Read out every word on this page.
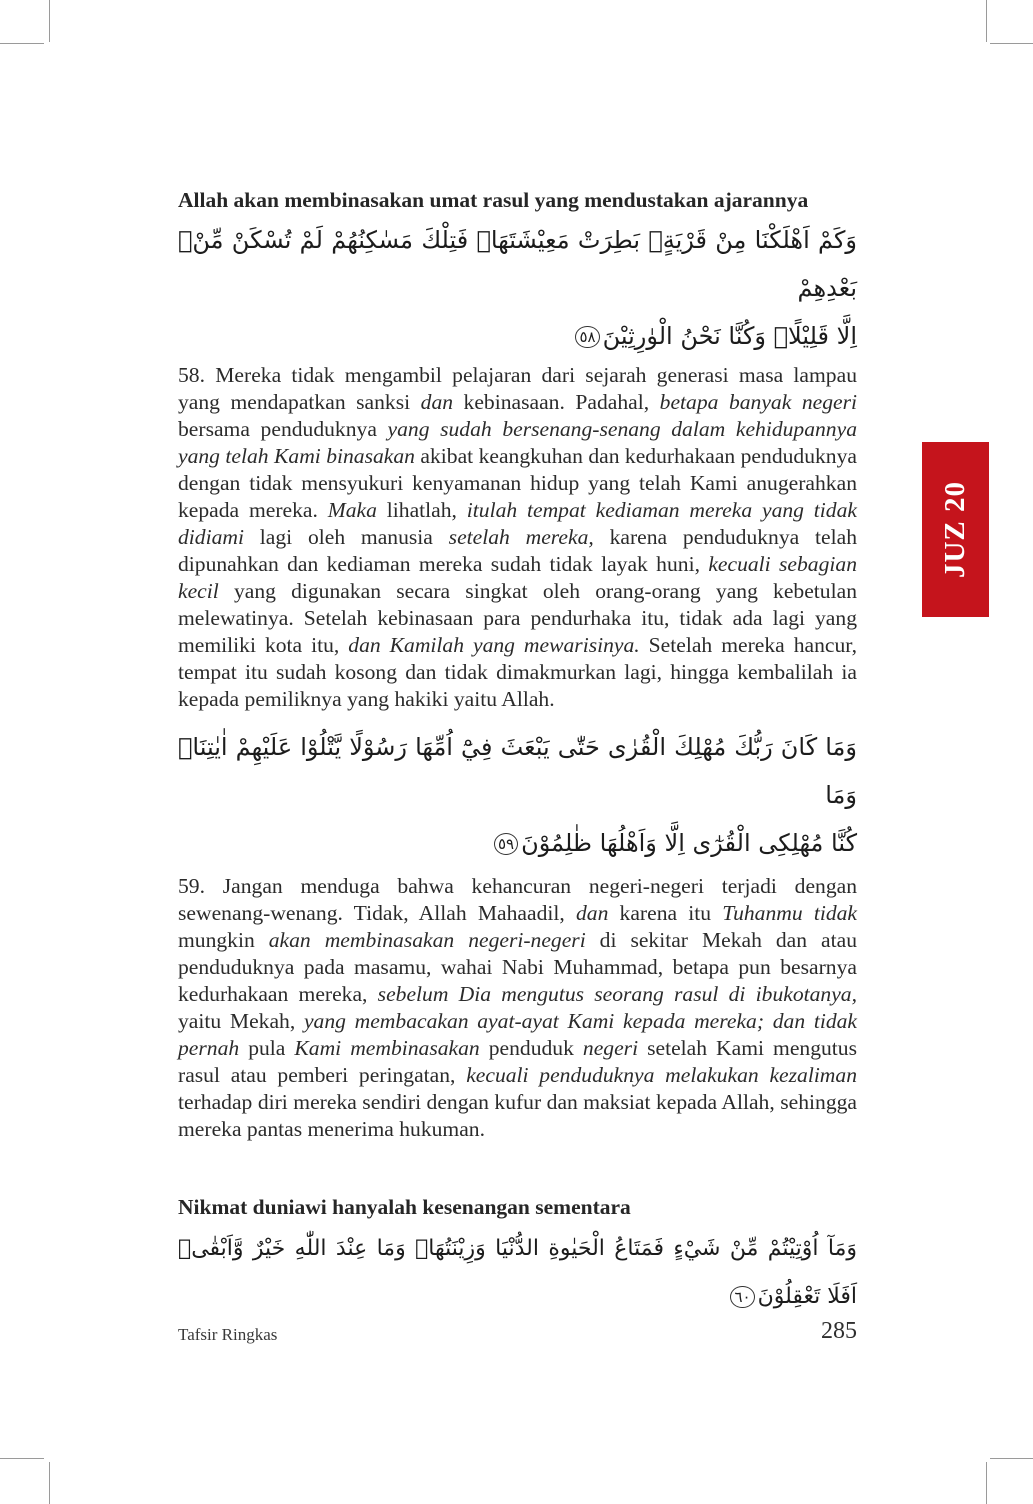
Allah akan membinasakan umat rasul yang mendustakan ajarannya
وَكَمْ اَهْلَكْنَا مِنْ قَرْيَةٍۢ بَطِرَتْ مَعِيْشَتَهَاۚ فَتِلْكَ مَسٰكِنُهُمْ لَمْ تُسْكَنْ مِّنْۢ بَعْدِهِمْ
اِلَّا قَلِيْلًاۗ وَكُنَّا نَحْنُ الْوٰرِثِيْنَ٥٨

58. Mereka tidak mengambil pelajaran dari sejarah generasi masa lampau yang mendapatkan sanksi dan kebinasaan. Padahal, betapa banyak negeri bersama penduduknya yang sudah bersenang-senang dalam kehidupannya yang telah Kami binasakan akibat keangkuhan dan kedurhakaan penduduknya dengan tidak mensyukuri kenyamanan hidup yang telah Kami anugerahkan kepada mereka. Maka lihatlah, itulah tempat kediaman mereka yang tidak didiami lagi oleh manusia setelah mereka, karena penduduknya telah dipunahkan dan kediaman mereka sudah tidak layak huni, kecuali sebagian kecil yang digunakan secara singkat oleh orang-orang yang kebetulan melewatinya. Setelah kebinasaan para pendurhaka itu, tidak ada lagi yang memiliki kota itu, dan Kamilah yang mewarisinya. Setelah mereka hancur, tempat itu sudah kosong dan tidak dimakmurkan lagi, hingga kembalilah ia kepada pemiliknya yang hakiki yaitu Allah.

وَمَا كَانَ رَبُّكَ مُهْلِكَ الْقُرٰى حَتّٰى يَبْعَثَ فِيْٓ اُمِّهَا رَسُوْلًا يَّتْلُوْا عَلَيْهِمْ اٰيٰتِنَاۚ وَمَا
كُنَّا مُهْلِكِى الْقُرٰٓى اِلَّا وَاَهْلُهَا ظٰلِمُوْنَ٥٩

59. Jangan menduga bahwa kehancuran negeri-negeri terjadi dengan sewenang-wenang. Tidak, Allah Mahaadil, dan karena itu Tuhanmu tidak mungkin akan membinasakan negeri-negeri di sekitar Mekah dan atau penduduknya pada masamu, wahai Nabi Muhammad, betapa pun besarnya kedurhakaan mereka, sebelum Dia mengutus seorang rasul di ibukotanya, yaitu Mekah, yang membacakan ayat-ayat Kami kepada mereka; dan tidak pernah pula Kami membinasakan penduduk negeri setelah Kami mengutus rasul atau pemberi peringatan, kecuali penduduknya melakukan kezaliman terhadap diri mereka sendiri dengan kufur dan maksiat kepada Allah, sehingga mereka pantas menerima hukuman.

Nikmat duniawi hanyalah kesenangan sementara
وَمَآ اُوْتِيْتُمْ مِّنْ شَيْءٍ فَمَتَاعُ الْحَيٰوةِ الدُّنْيَا وَزِيْنَتُهَاۚ وَمَا عِنْدَ اللّٰهِ خَيْرٌ وَّاَبْقٰىۗ اَفَلَا تَعْقِلُوْنَ٦٠
JUZ 20
Tafsir Ringkas	285
